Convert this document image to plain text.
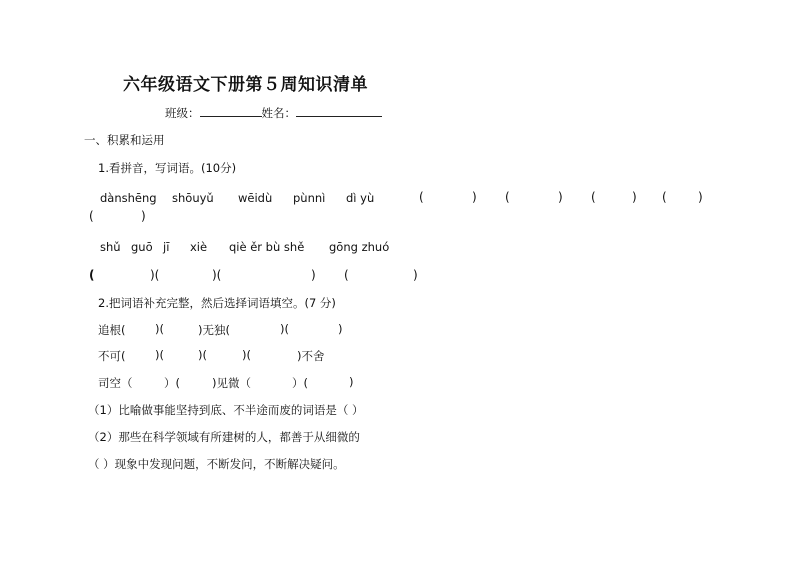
六年级语文下册第５周知识清单
班级：	姓名：
一、积累和运用
1.看拼音，写词语。(10分)
dànshēng shōuyǔ wēidù pùnnì dì yù	(	) (	) (	) (	)
(	)
shǔ guō jī xiè qiè ěr bù shě gōng zhuó
(	)(	)(	) (	)
2.把词语补充完整，然后选择词语填空。(7 分)
追根(	)(	)无独(	)(	)
不可(	)(	)(	)(	)不舍
司空（	）(	)见微（	）(	)
（1）比喻做事能坚持到底、不半途而废的词语是（ ）
（2）那些在科学领域有所建树的人，都善于从细微的
（ ）现象中发现问题，不断发问，不断解决疑问。
